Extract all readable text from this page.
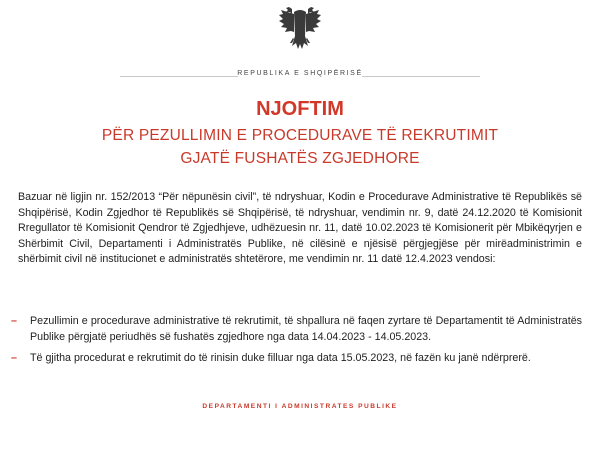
REPUBLIKA E SHQIPËRISË
NJOFTIM
PËR PEZULLIMIN E PROCEDURAVE TË REKRUTIMIT
GJATË FUSHATËS ZGJEDHORE
Bazuar në ligjin nr. 152/2013 “Për nëpunësin civil”, të ndryshuar, Kodin e Procedurave Administrative të Republikës së Shqipërisë, Kodin Zgjedhor të Republikës së Shqipërisë, të ndryshuar, vendimin nr. 9, datë 24.12.2020 të Komisionit Rregullator të Komisionit Qendror të Zgjedhjeve, udhëzuesin nr. 11, datë 10.02.2023 të Komisionerit për Mbikëqyrjen e Shërbimit Civil, Departamenti i Administratës Publike, në cilësinë e njësisë përgjegjëse për mirëadministrimin e shërbimit civil në institucionet e administratës shtetërore, me vendimin nr. 11 datë 12.4.2023 vendosi:
– Pezullimin e procedurave administrative të rekrutimit, të shpallura në faqen zyrtare të Departamentit të Administratës Publike përgjatë periudhës së fushatës zgjedhore nga data 14.04.2023 - 14.05.2023.
– Të gjitha procedurat e rekrutimit do të rinisin duke filluar nga data 15.05.2023, në fazën ku janë ndërprerë.
DEPARTAMENTI I ADMINISTRATES PUBLIKE
